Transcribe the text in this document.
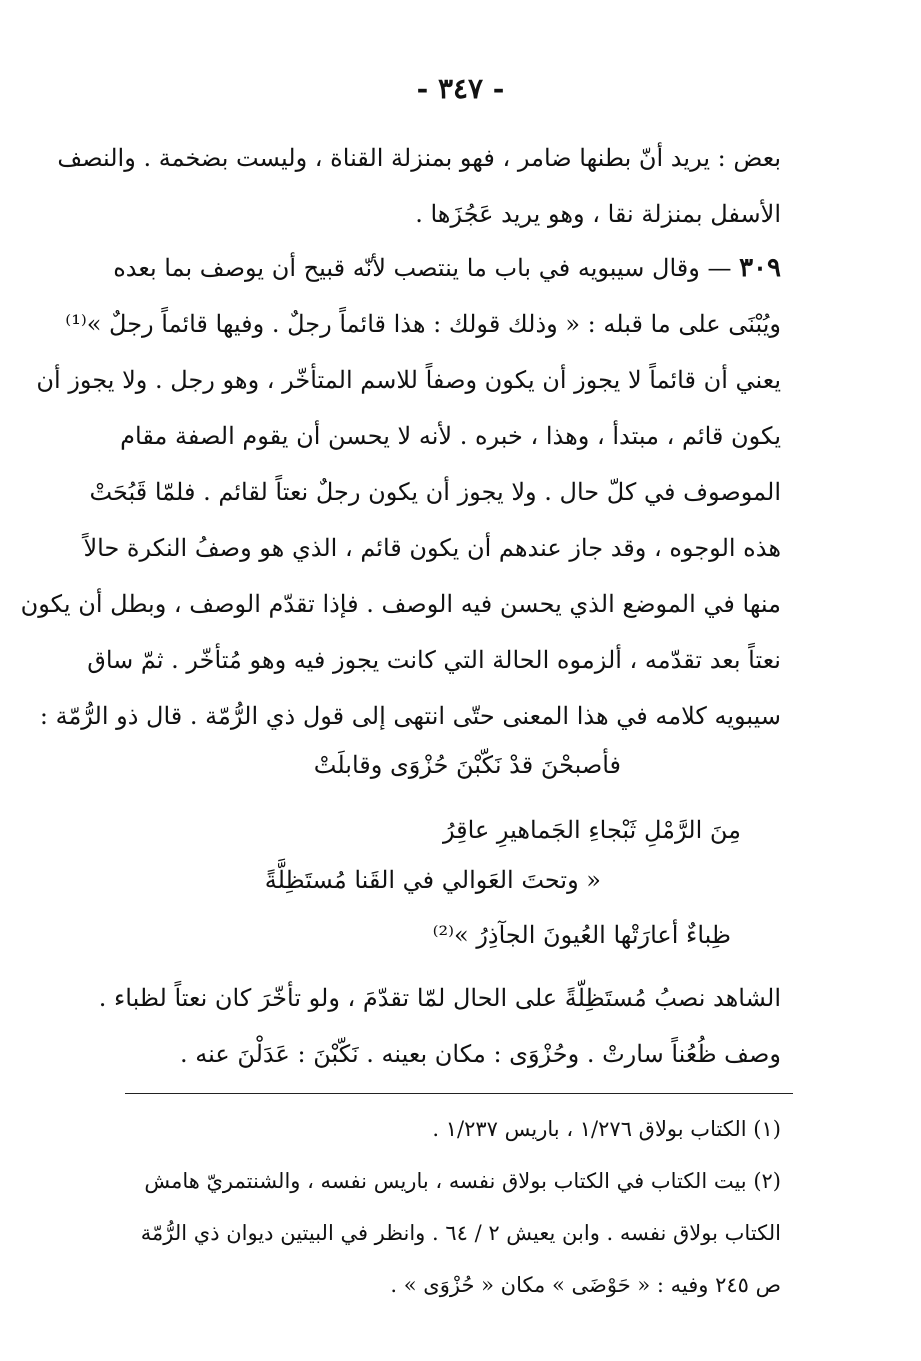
- ٣٤٧ -
بعض : يريد أنّ بطنها ضامر ، فهو بمنزلة القناة ، وليست بضخمة . والنصف
الأسفل بمنزلة نقا ، وهو يريد عَجُزَها .
٣٠٩ — وقال سيبويه في باب ما ينتصب لأنّه قبيح أن يوصف بما بعده
ويُبْنَى على ما قبله : « وذلك قولك : هذا قائماً رجلٌ . وفيها قائماً رجلٌ »⁽¹⁾
يعني أن قائماً لا يجوز أن يكون وصفاً للاسم المتأخّر ، وهو رجل . ولا يجوز أن
يكون قائم ، مبتدأ ، وهذا ، خبره . لأنه لا يحسن أن يقوم الصفة مقام
الموصوف في كلّ حال . ولا يجوز أن يكون رجلٌ نعتاً لقائم . فلمّا قَبُحَتْ
هذه الوجوه ، وقد جاز عندهم أن يكون قائم ، الذي هو وصفُ النكرة حالاً
منها في الموضع الذي يحسن فيه الوصف . فإذا تقدّم الوصف ، وبطل أن يكون
نعتاً بعد تقدّمه ، ألزموه الحالة التي كانت يجوز فيه وهو مُتأخّر . ثمّ ساق
سيبويه كلامه في هذا المعنى حتّى انتهى إلى قول ذي الرُّمّة . قال ذو الرُّمّة :
فأصبحْنَ قدْ نَكّبْنَ حُزْوَى وقابلَتْ
مِنَ الرَّمْلِ ثَبْجاءِ الجَماهيرِ عاقِرُ
« وتحتَ العَوالي في القَنا مُستَظِلَّةً
ظِباءٌ أعارَتْها العُيونَ الجآذِرُ »⁽²⁾
الشاهد نصبُ مُستَظِلّةً على الحال لمّا تقدّمَ ، ولو تأخّرَ كان نعتاً لظباء .
وصف ظُعُناً سارتْ . وحُزْوَى : مكان بعينه . نَكّبْنَ : عَدَلْنَ عنه .
(١) الكتاب بولاق ١/٢٧٦ ، باريس ١/٢٣٧ .
(٢) بيت الكتاب في الكتاب بولاق نفسه ، باريس نفسه ، والشنتمريّ هامش
الكتاب بولاق نفسه . وابن يعيش ٢ / ٦٤ . وانظر في البيتين ديوان ذي الرُّمّة
ص ٢٤٥ وفيه : « حَوْضَى » مكان « حُزْوَى » .
